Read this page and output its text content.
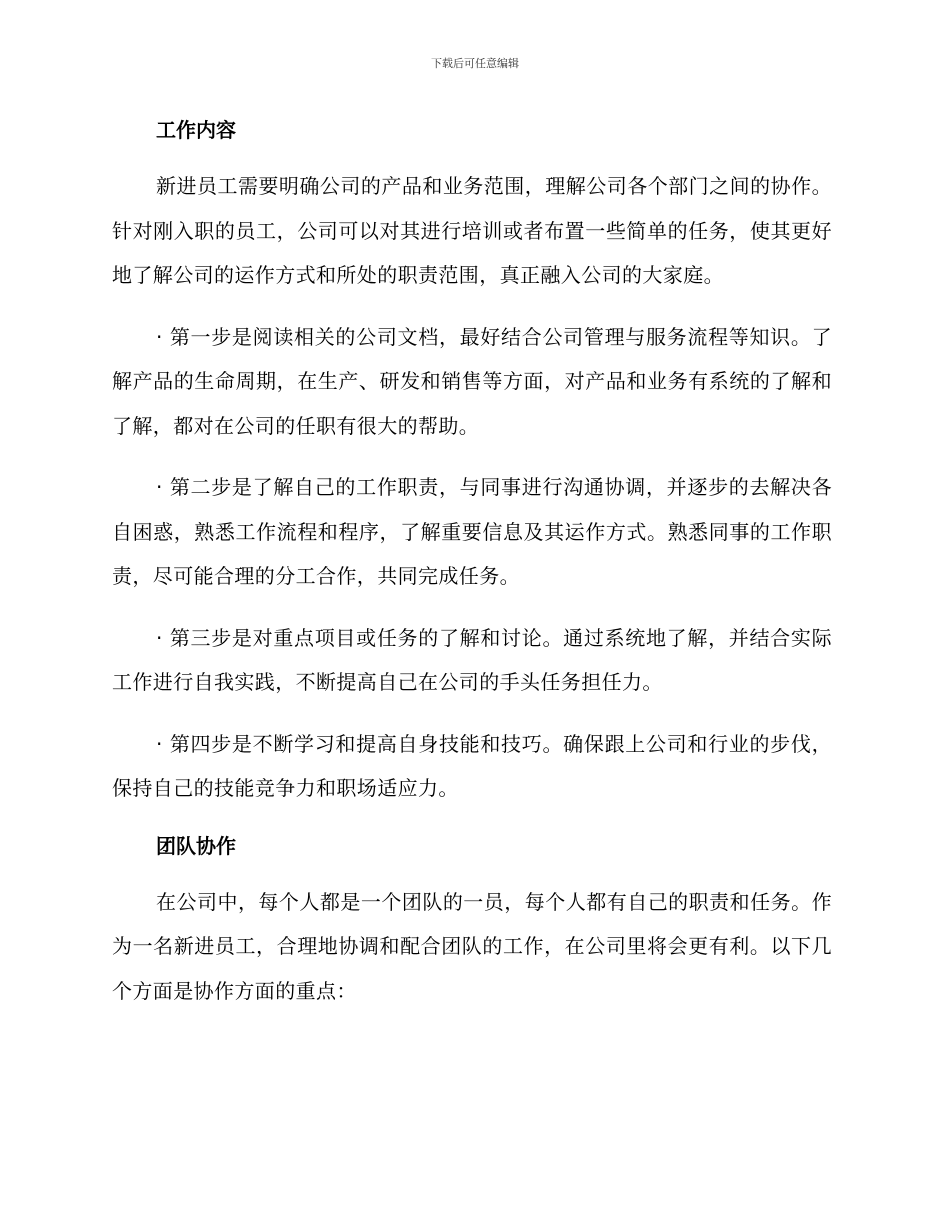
下载后可任意编辑
工作内容

新进员工需要明确公司的产品和业务范围，理解公司各个部门之间的协作。针对刚入职的员工，公司可以对其进行培训或者布置一些简单的任务，使其更好地了解公司的运作方式和所处的职责范围，真正融入公司的大家庭。

· 第一步是阅读相关的公司文档，最好结合公司管理与服务流程等知识。了解产品的生命周期，在生产、研发和销售等方面，对产品和业务有系统的了解和了解，都对在公司的任职有很大的帮助。

· 第二步是了解自己的工作职责，与同事进行沟通协调，并逐步的去解决各自困惑，熟悉工作流程和程序，了解重要信息及其运作方式。熟悉同事的工作职责，尽可能合理的分工合作，共同完成任务。

· 第三步是对重点项目或任务的了解和讨论。通过系统地了解，并结合实际工作进行自我实践，不断提高自己在公司的手头任务担任力。

· 第四步是不断学习和提高自身技能和技巧。确保跟上公司和行业的步伐，保持自己的技能竞争力和职场适应力。

团队协作

在公司中，每个人都是一个团队的一员，每个人都有自己的职责和任务。作为一名新进员工，合理地协调和配合团队的工作，在公司里将会更有利。以下几个方面是协作方面的重点：
